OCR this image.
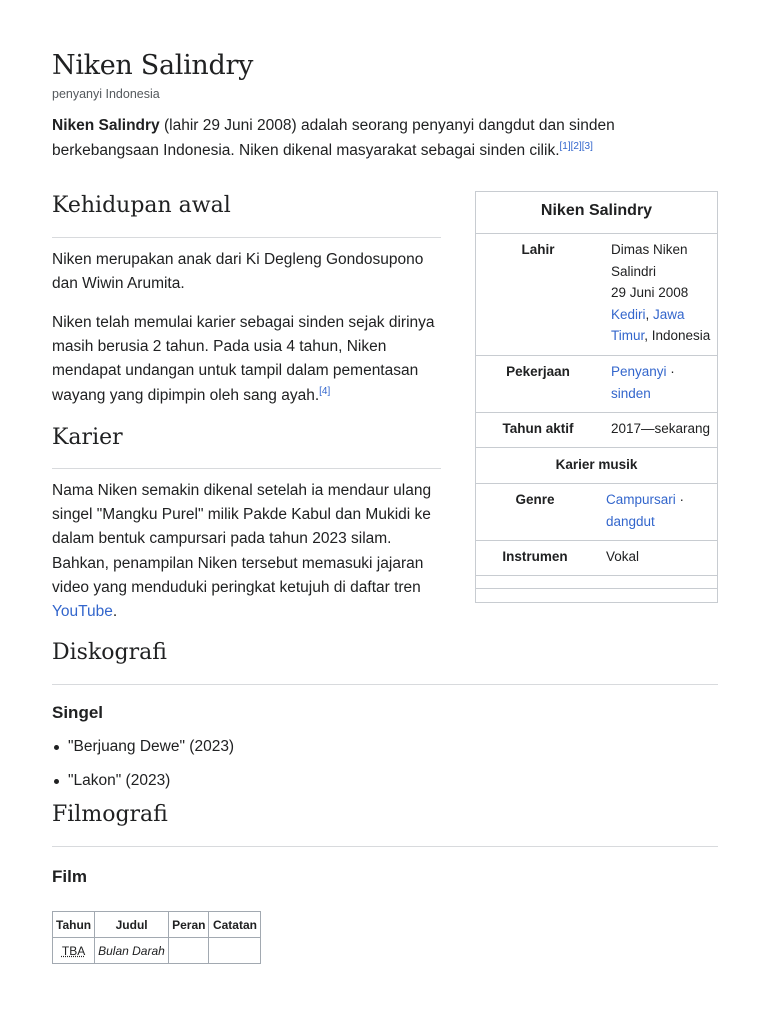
Niken Salindry
penyanyi Indonesia

Niken Salindry (lahir 29 Juni 2008) adalah seorang penyanyi dangdut dan sinden berkebangsaan Indonesia. Niken dikenal masyarakat sebagai sinden cilik.[1][2][3]

Kehidupan awal

Niken merupakan anak dari Ki Degleng Gondosupono dan Wiwin Arumita.

Niken telah memulai karier sebagai sinden sejak dirinya masih berusia 2 tahun. Pada usia 4 tahun, Niken mendapat undangan untuk tampil dalam pementasan wayang yang dipimpin oleh sang ayah.[4]

Karier

Nama Niken semakin dikenal setelah ia mendaur ulang singel "Mangku Purel" milik Pakde Kabul dan Mukidi ke dalam bentuk campursari pada tahun 2023 silam. Bahkan, penampilan Niken tersebut memasuki jajaran video yang menduduki peringkat ketujuh di daftar tren YouTube.

Diskografi
Singel
"Berjuang Dewe" (2023)
"Lakon" (2023)
Filmografi
Film
Tahun	Judul	Peran	Catatan
TBA	Bulan Darah		
Niken Salindry
Lahir	Dimas Niken
Salindri
29 Juni 2008
Kediri, Jawa
Timur, Indonesia
Pekerjaan	Penyanyi ·
sinden
Tahun aktif	2017—sekarang
Karier musik
Genre	Campursari ·
dangdut
Instrumen	Vokal
